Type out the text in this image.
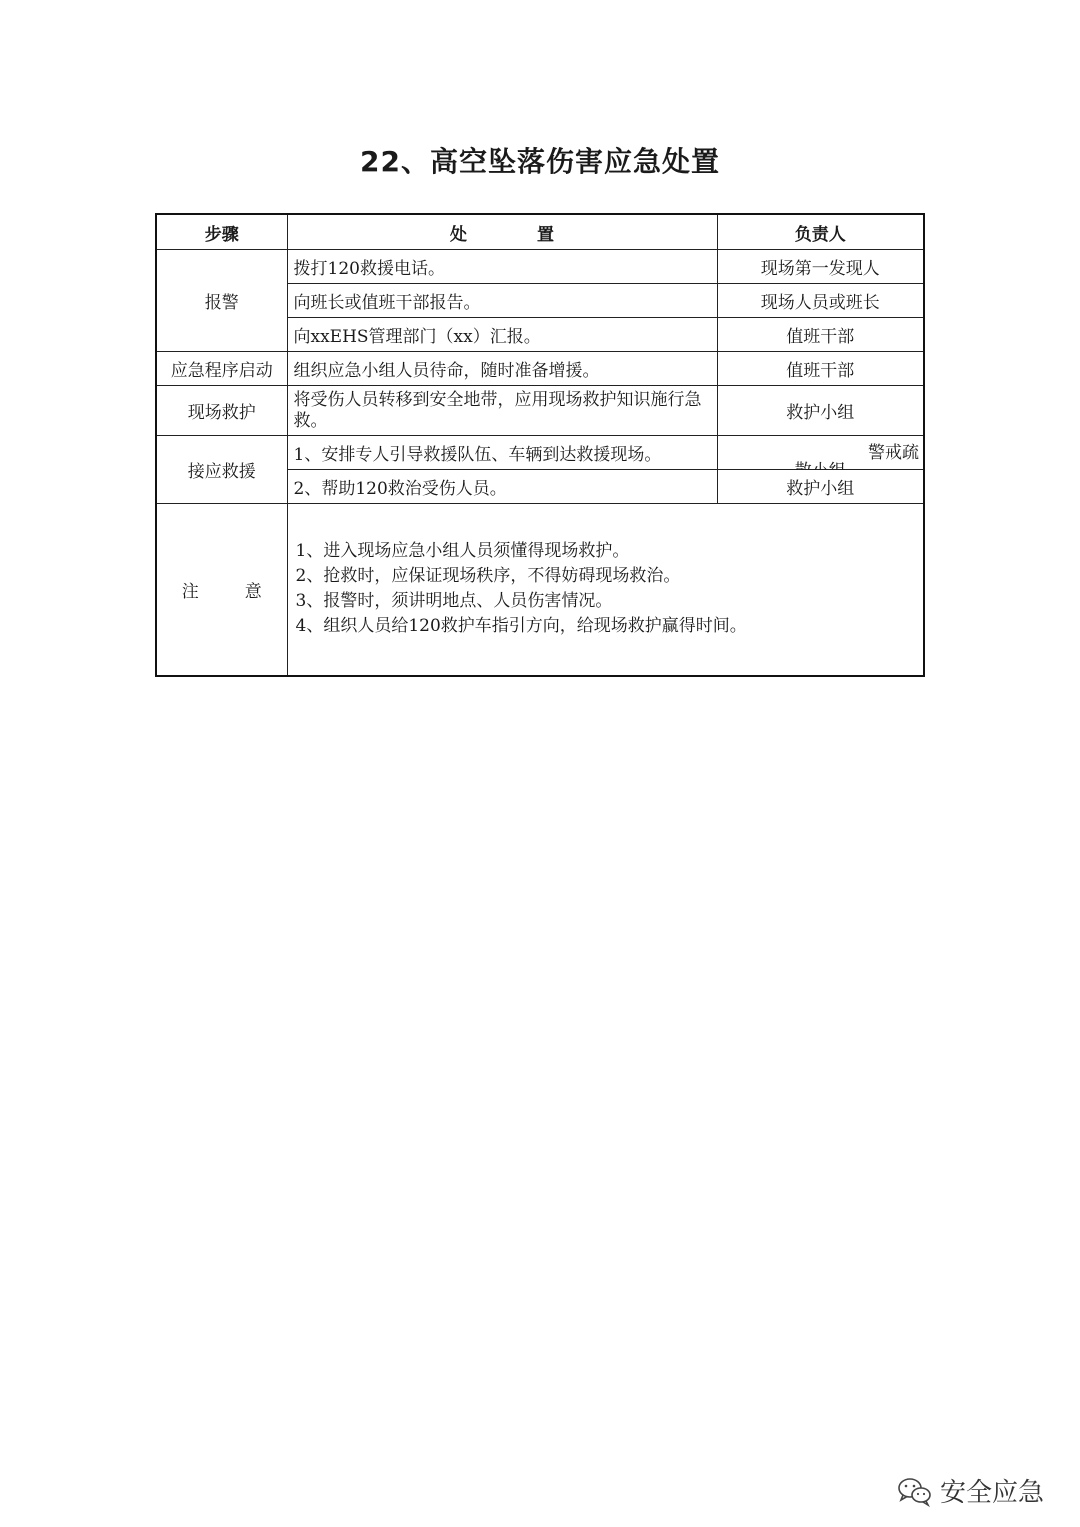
22、高空坠落伤害应急处置
步骤	处 置	负责人
报警	拨打120救援电话。	现场第一发现人
	向班长或值班干部报告。	现场人员或班长
	向xxEHS管理部门（xx）汇报。	值班干部
应急程序启动	组织应急小组人员待命，随时准备增援。	值班干部
现场救护	将受伤人员转移到安全地带，应用现场救护知识施行急救。	救护小组
接应救援	1、安排专人引导救援队伍、车辆到达救援现场。	警戒疏

	2、帮助120救治受伤人员。	救护小组
注 意	1、进入现场应急小组人员须懂得现场救护。
2、抢救时，应保证现场秩序，不得妨碍现场救治。
3、报警时，须讲明地点、人员伤害情况。
4、组织人员给120救护车指引方向，给现场救护赢得时间。	
安全应急
